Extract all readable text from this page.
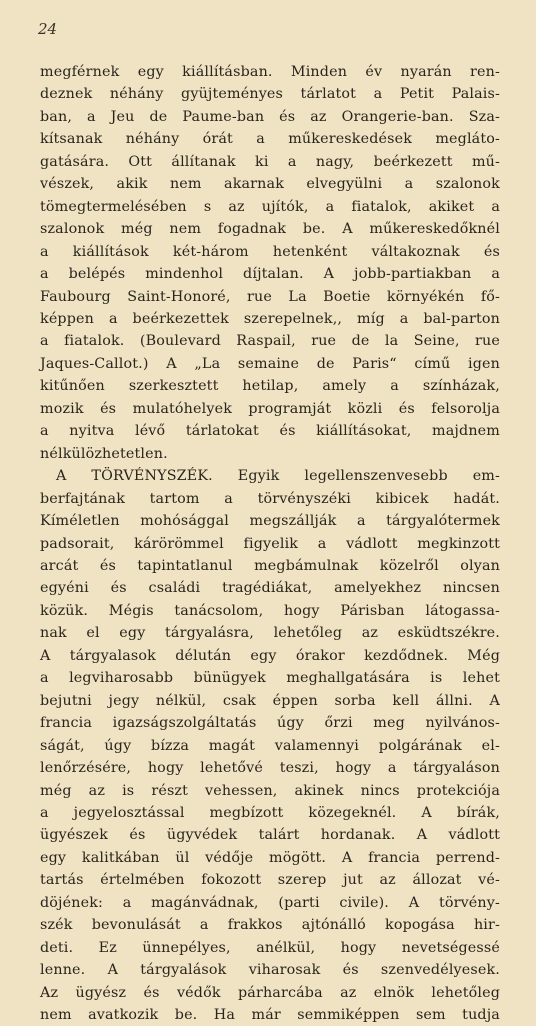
24
megférnek egy kiállításban. Minden év nyarán ren-
deznek néhány gyüjteményes tárlatot a Petit Palais-
ban, a Jeu de Paume-ban és az Orangerie-ban. Sza-
kítsanak néhány órát a műkereskedések megláto-
gatására. Ott állítanak ki a nagy, beérkezett mű-
vészek, akik nem akarnak elvegyülni a szalonok
tömegtermelésében s az ujítók, a fiatalok, akiket a
szalonok még nem fogadnak be. A műkereskedőknél
a kiállítások két-három hetenként váltakoznak és
a belépés mindenhol díjtalan. A jobb-partiakban a
Faubourg Saint-Honoré, rue La Boetie környékén fő-
képpen a beérkezettek szerepelnek,, míg a bal-parton
a fiatalok. (Boulevard Raspail, rue de la Seine, rue
Jaques-Callot.) A „La semaine de Paris“ című igen
kitűnően szerkesztett hetilap, amely a színházak,
mozik és mulatóhelyek programját közli és felsorolja
a nyitva lévő tárlatokat és kiállításokat, majdnem
nélkülözhetetlen.
A TÖRVÉNYSZÉK. Egyik legellenszenvesebb em-
berfajtának tartom a törvényszéki kibicek hadát.
Kíméletlen mohósággal megszállják a tárgyalótermek
padsorait, kárörömmel figyelik a vádlott megkinzott
arcát és tapintatlanul megbámulnak közelről olyan
egyéni és családi tragédiákat, amelyekhez nincsen
közük. Mégis tanácsolom, hogy Párisban látogassa-
nak el egy tárgyalásra, lehetőleg az esküdtszékre.
A tárgyalasok délután egy órakor kezdődnek. Még
a legviharosabb bünügyek meghallgatására is lehet
bejutni jegy nélkül, csak éppen sorba kell állni. A
francia igazságszolgáltatás úgy őrzi meg nyilvános-
ságát, úgy bízza magát valamennyi polgárának el-
lenőrzésére, hogy lehetővé teszi, hogy a tárgyaláson
még az is részt vehessen, akinek nincs protekciója
a jegyelosztással megbízott közegeknél. A bírák,
ügyészek és ügyvédek talárt hordanak. A vádlott
egy kalitkában ül védője mögött. A francia perrend-
tartás értelmében fokozott szerep jut az állozat vé-
döjének: a magánvádnak, (parti civile). A törvény-
szék bevonulását a frakkos ajtónálló kopogása hir-
deti. Ez ünnepélyes, anélkül, hogy nevetségessé
lenne. A tárgyalások viharosak és szenvedélyesek.
Az ügyész és védők párharcába az elnök lehetőleg
nem avatkozik be. Ha már semmiképpen sem tudja
